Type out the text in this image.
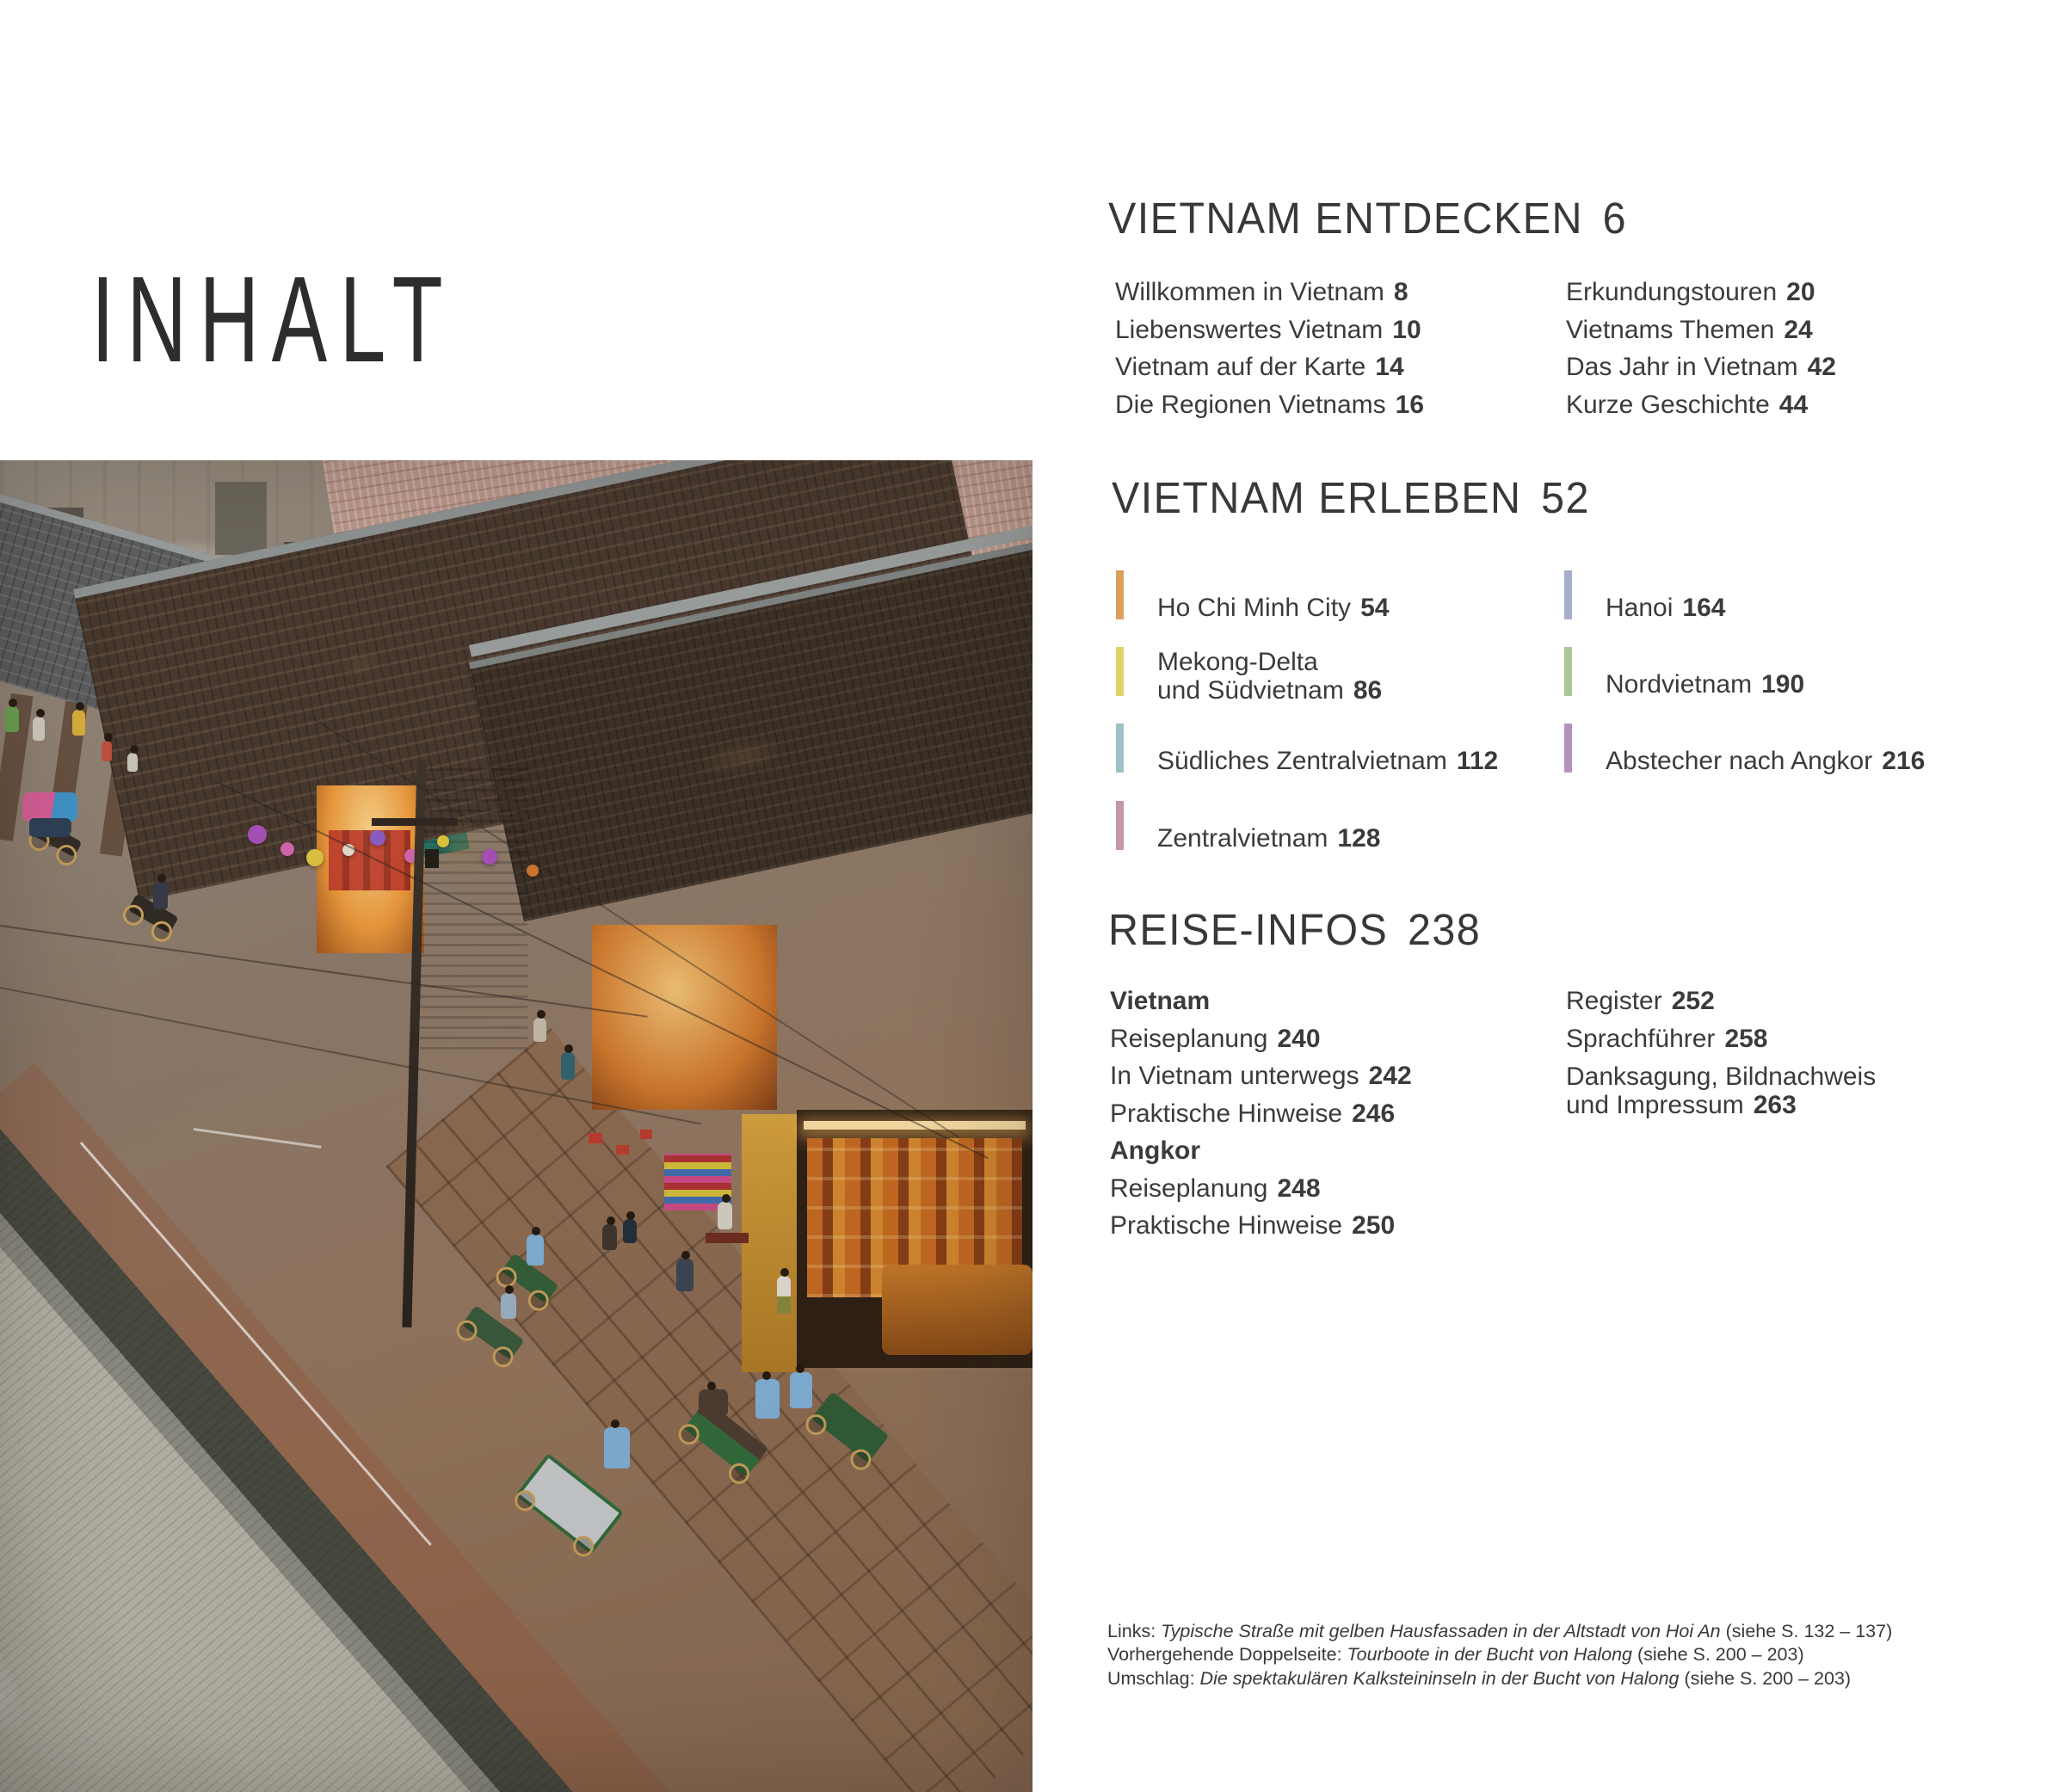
INHALT
VIETNAM ENTDECKEN 6
Willkommen in Vietnam 8
Liebenswertes Vietnam 10
Vietnam auf der Karte 14
Die Regionen Vietnams 16
Erkundungstouren 20
Vietnams Themen 24
Das Jahr in Vietnam 42
Kurze Geschichte 44
VIETNAM ERLEBEN 52
Ho Chi Minh City 54
Mekong-Delta
und Südvietnam 86
Südliches Zentralvietnam 112
Zentralvietnam 128
Hanoi 164
Nordvietnam 190
Abstecher nach Angkor 216
REISE-INFOS 238
Vietnam
Reiseplanung 240
In Vietnam unterwegs 242
Praktische Hinweise 246
Angkor
Reiseplanung 248
Praktische Hinweise 250
Register 252
Sprachführer 258
Danksagung, Bildnachweis
und Impressum 263
Links: Typische Straße mit gelben Hausfassaden in der Altstadt von Hoi An (siehe S. 132 – 137)
Vorhergehende Doppelseite: Tourboote in der Bucht von Halong (siehe S. 200 – 203)
Umschlag: Die spektakulären Kalksteininseln in der Bucht von Halong (siehe S. 200 – 203)
